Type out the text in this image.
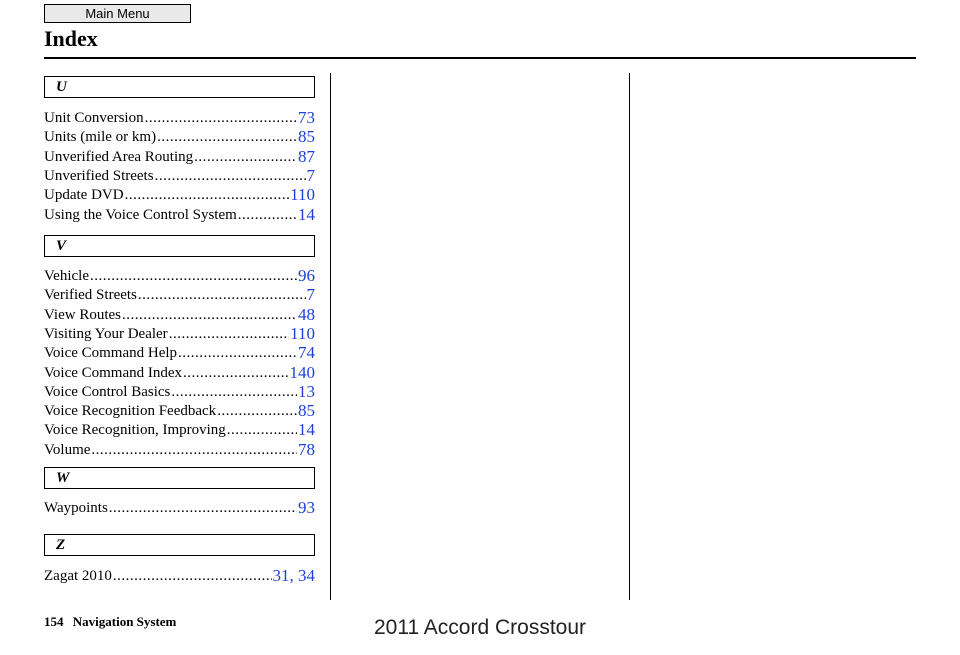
Main Menu
Index
U
Unit Conversion .....	73
Units (mile or km) .....	85
Unverified Area Routing .....	87
Unverified Streets .....	7
Update DVD .....	110
Using the Voice Control System .....	14
V
Vehicle .....	96
Verified Streets .....	7
View Routes .....	48
Visiting Your Dealer .....	110
Voice Command Help .....	74
Voice Command Index .....	140
Voice Control Basics .....	13
Voice Recognition Feedback .....	85
Voice Recognition, Improving .....	14
Volume .....	78
W
Waypoints .....	93
Z
Zagat 2010 .....	31, 34
154 Navigation System	2011 Accord Crosstour
